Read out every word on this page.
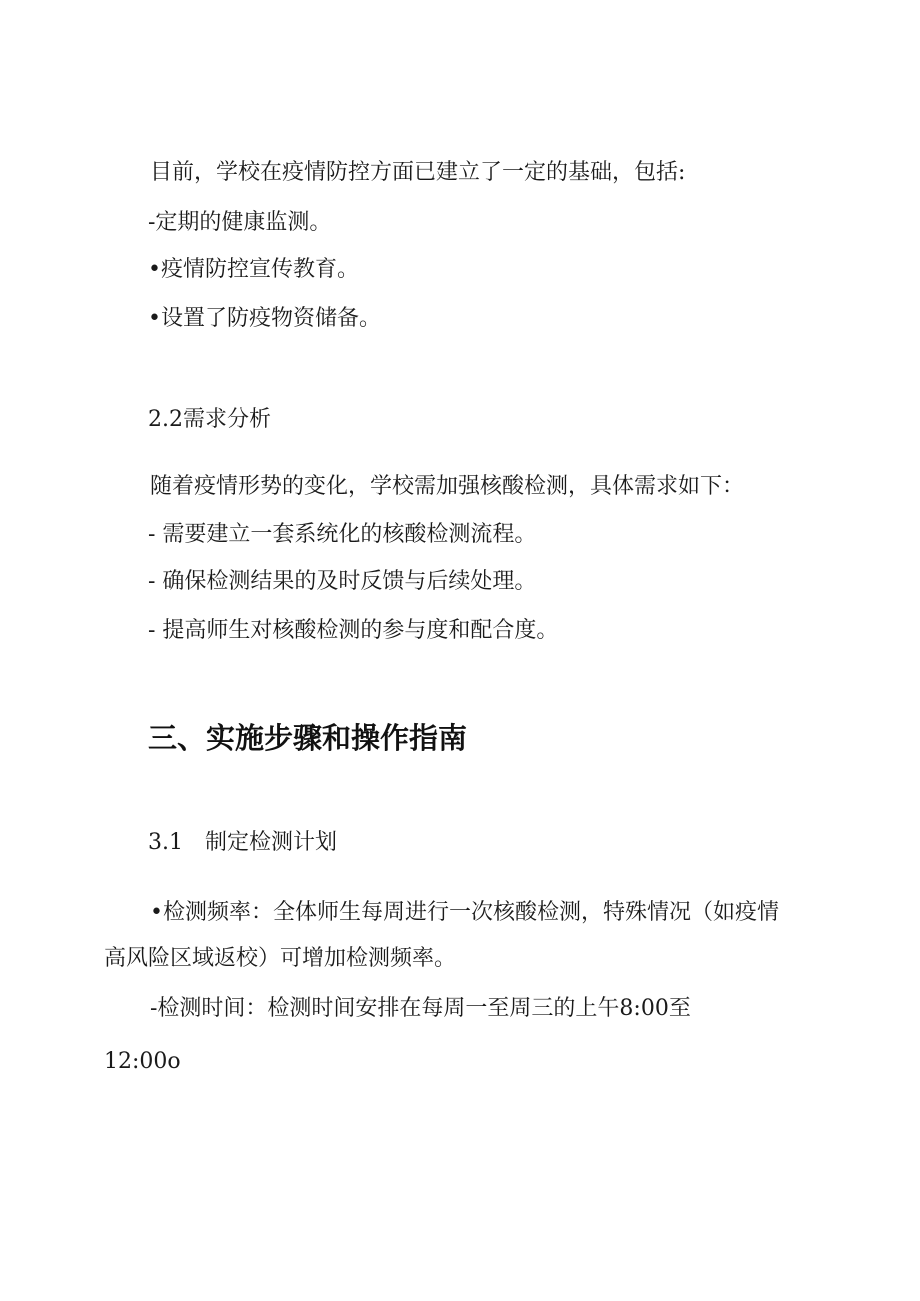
目前，学校在疫情防控方面已建立了一定的基础，包括:
-定期的健康监测。
•疫情防控宣传教育。
•设置了防疫物资储备。
2.2需求分析
随着疫情形势的变化，学校需加强核酸检测，具体需求如下：
- 需要建立一套系统化的核酸检测流程。
- 确保检测结果的及时反馈与后续处理。
- 提高师生对核酸检测的参与度和配合度。
三、实施步骤和操作指南
3.1　制定检测计划
•检测频率：全体师生每周进行一次核酸检测，特殊情况（如疫情
高风险区域返校）可增加检测频率。
-检测时间：检测时间安排在每周一至周三的上午8:00至
12:00o
